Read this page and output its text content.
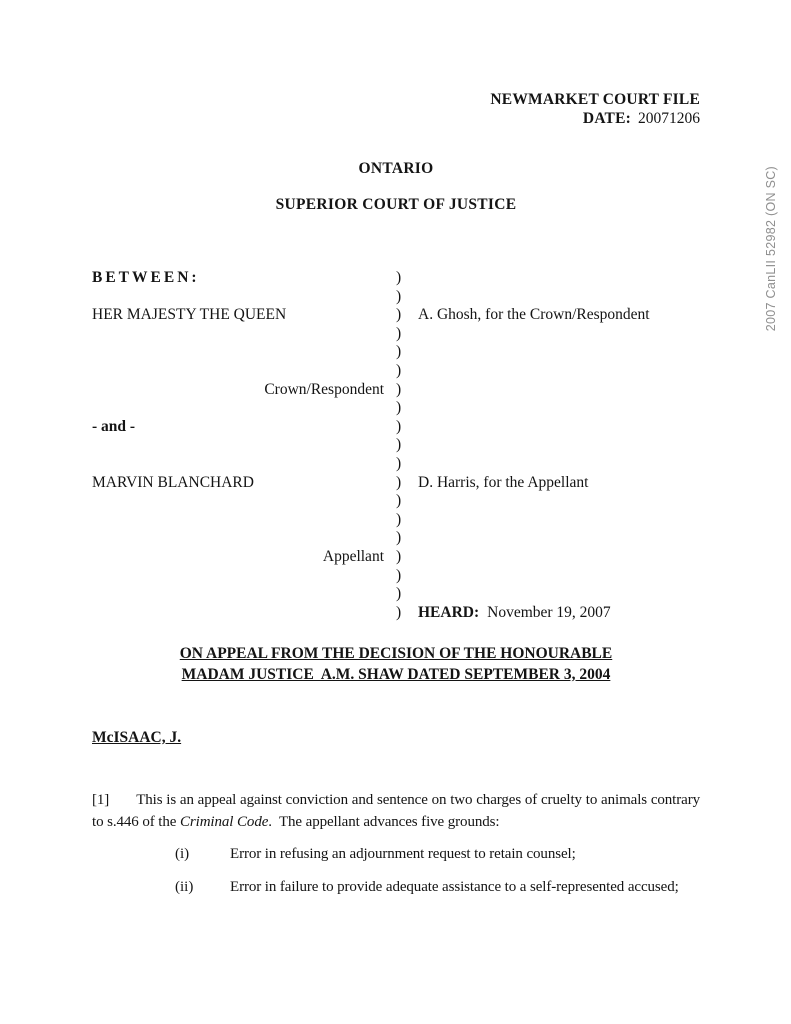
NEWMARKET COURT FILE
DATE: 20071206
2007 CanLII 52982 (ON SC)
ONTARIO
SUPERIOR COURT OF JUSTICE
BETWEEN:	)
)
HER MAJESTY THE QUEEN	)	A. Ghosh, for the Crown/Respondent
)
)
)
Crown/Respondent )
)
- and -	)
)
)
MARVIN BLANCHARD	)	D. Harris, for the Appellant
)
)
)
Appellant )
)
)
)	HEARD: November 19, 2007
ON APPEAL FROM THE DECISION OF THE HONOURABLE
MADAM JUSTICE  A.M. SHAW DATED SEPTEMBER 3, 2004
McISAAC, J.

[1] This is an appeal against conviction and sentence on two charges of cruelty to animals contrary to s.446 of the Criminal Code.  The appellant advances five grounds:

(i)	Error in refusing an adjournment request to retain counsel;
(ii)	Error in failure to provide adequate assistance to a self-represented accused;
